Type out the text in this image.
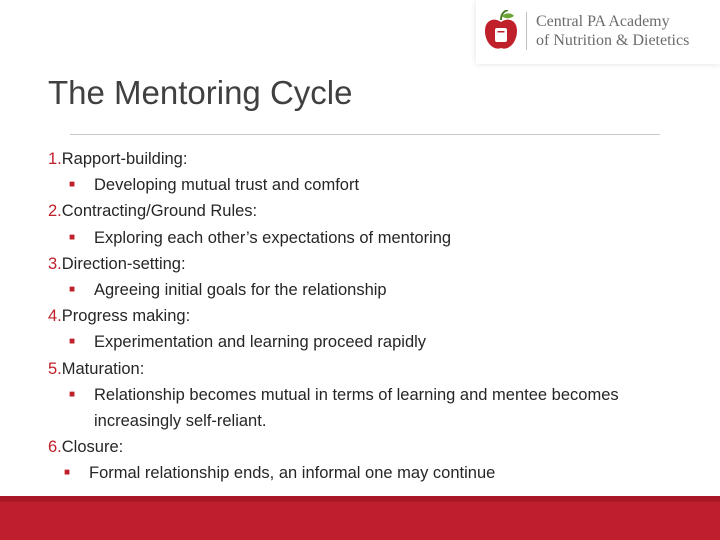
Central PA Academy
of Nutrition & Dietetics
The Mentoring Cycle
1.Rapport-building:
■	Developing mutual trust and comfort
2.Contracting/Ground Rules:
■	Exploring each other’s expectations of mentoring
3.Direction-setting:
■	Agreeing initial goals for the relationship
4.Progress making:
■	Experimentation and learning proceed rapidly
5.Maturation:
■	Relationship becomes mutual in terms of learning and mentee becomes increasingly self-reliant.
6.Closure:
■	Formal relationship ends, an informal one may continue
